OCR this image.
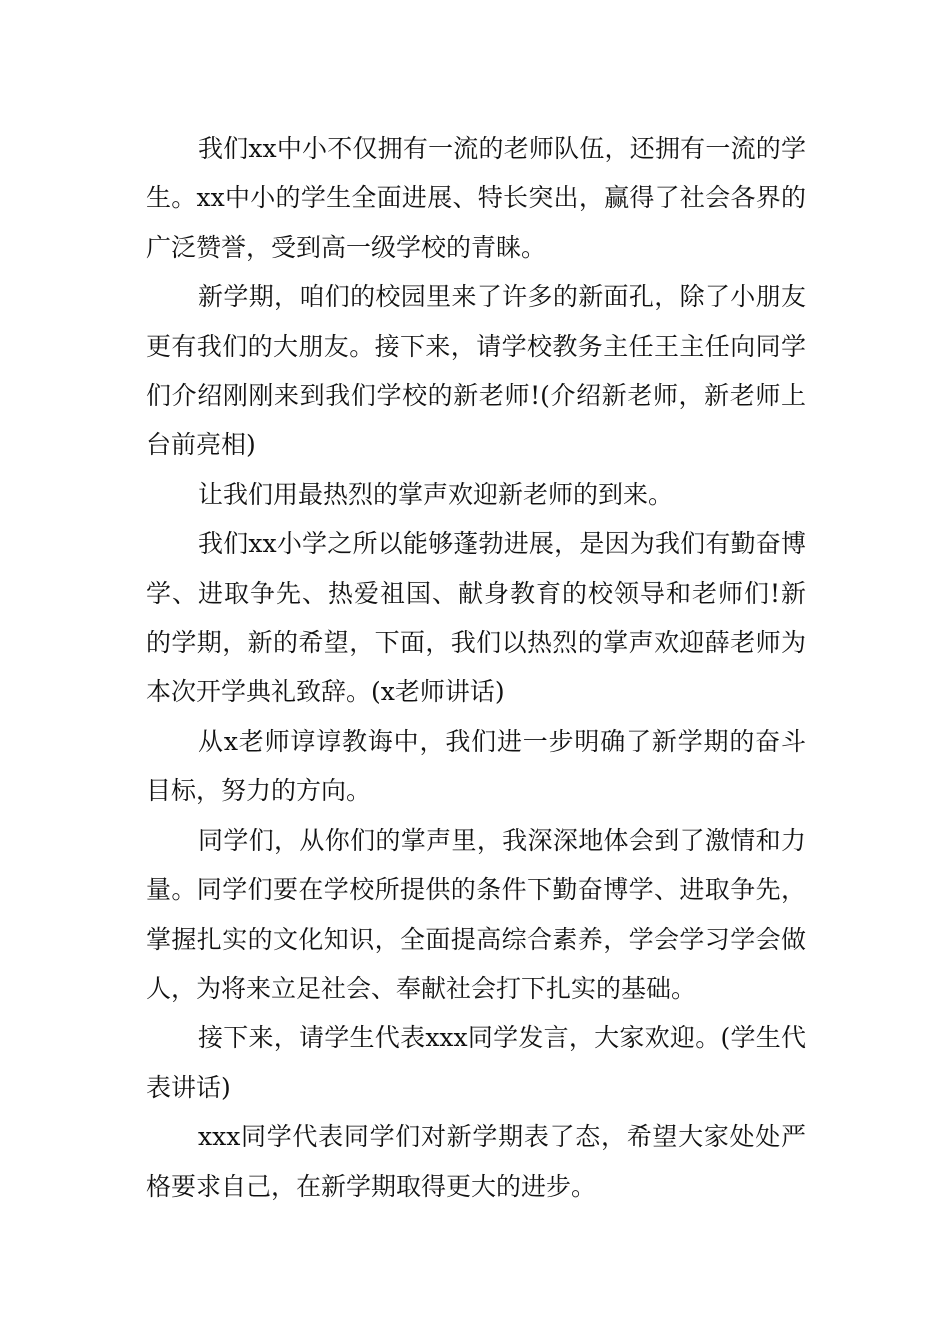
我们xx中小不仅拥有一流的老师队伍，还拥有一流的学生。xx中小的学生全面进展、特长突出，赢得了社会各界的广泛赞誉，受到高一级学校的青睐。

新学期，咱们的校园里来了许多的新面孔，除了小朋友更有我们的大朋友。接下来，请学校教务主任王主任向同学们介绍刚刚来到我们学校的新老师!(介绍新老师，新老师上台前亮相)

让我们用最热烈的掌声欢迎新老师的到来。

我们xx小学之所以能够蓬勃进展，是因为我们有勤奋博学、进取争先、热爱祖国、献身教育的校领导和老师们!新的学期，新的希望，下面，我们以热烈的掌声欢迎薛老师为本次开学典礼致辞。(x老师讲话)

从x老师谆谆教诲中，我们进一步明确了新学期的奋斗目标，努力的方向。

同学们，从你们的掌声里，我深深地体会到了激情和力量。同学们要在学校所提供的条件下勤奋博学、进取争先，掌握扎实的文化知识，全面提高综合素养，学会学习学会做人，为将来立足社会、奉献社会打下扎实的基础。

接下来，请学生代表xxx同学发言，大家欢迎。(学生代表讲话)

xxx同学代表同学们对新学期表了态，希望大家处处严格要求自己，在新学期取得更大的进步。
